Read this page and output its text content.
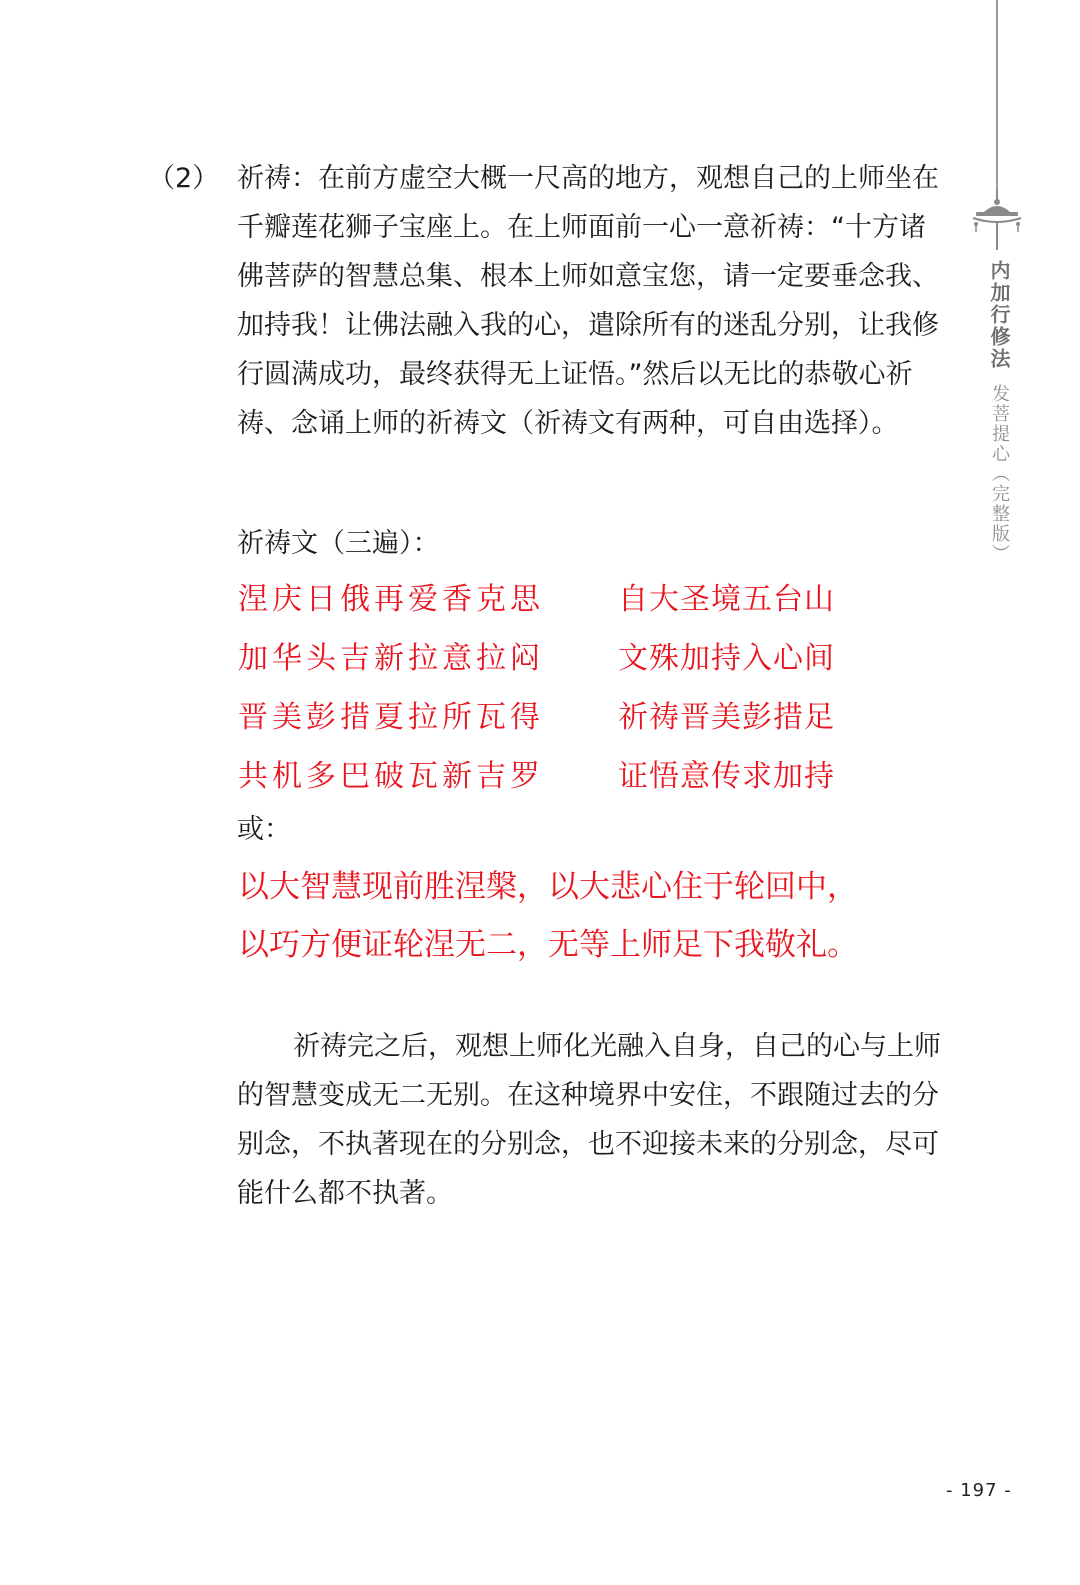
内加行修法
发菩提心（完整版）
（2） 祈祷：在前方虚空大概一尺高的地方，观想自己的上师坐在千瓣莲花狮子宝座上。在上师面前一心一意祈祷：“十方诸佛菩萨的智慧总集、根本上师如意宝您，请一定要垂念我、加持我！让佛法融入我的心，遣除所有的迷乱分别，让我修行圆满成功，最终获得无上证悟。”然后以无比的恭敬心祈祷、念诵上师的祈祷文（祈祷文有两种，可自由选择）。

祈祷文（三遍）：
涅庆日俄再爱香克思 自大圣境五台山
加华头吉新拉意拉闷 文殊加持入心间
晋美彭措夏拉所瓦得 祈祷晋美彭措足
共机多巴破瓦新吉罗 证悟意传求加持
或：
以大智慧现前胜涅槃，以大悲心住于轮回中，
以巧方便证轮涅无二，无等上师足下我敬礼。

祈祷完之后，观想上师化光融入自身，自己的心与上师的智慧变成无二无别。在这种境界中安住，不跟随过去的分别念，不执著现在的分别念，也不迎接未来的分别念，尽可能什么都不执著。

- 197 -
